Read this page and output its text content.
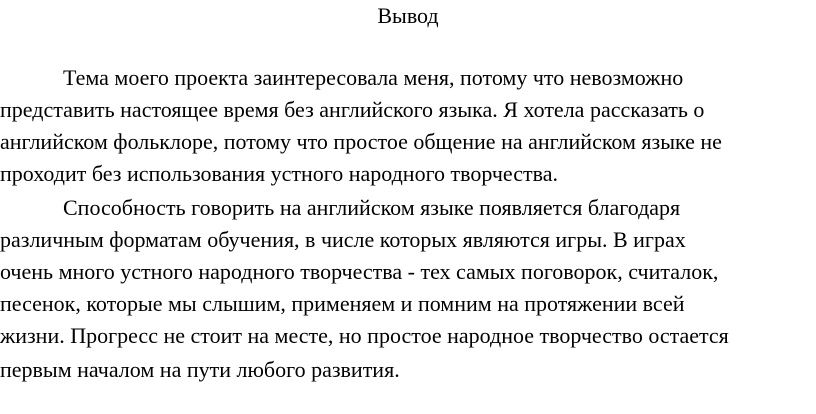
Вывод
Тема моего проекта заинтересовала меня, потому что невозможно
представить настоящее время без английского языка. Я хотела рассказать о
английском фольклоре, потому что простое общение на английском языке не
проходит без использования устного народного творчества.
Способность говорить на английском языке появляется благодаря
различным форматам обучения, в числе которых являются игры. В играх
очень много устного народного творчества - тех самых поговорок, считалок,
песенок, которые мы слышим, применяем и помним на протяжении всей
жизни. Прогресс не стоит на месте, но простое народное творчество остается
первым началом на пути любого развития.
